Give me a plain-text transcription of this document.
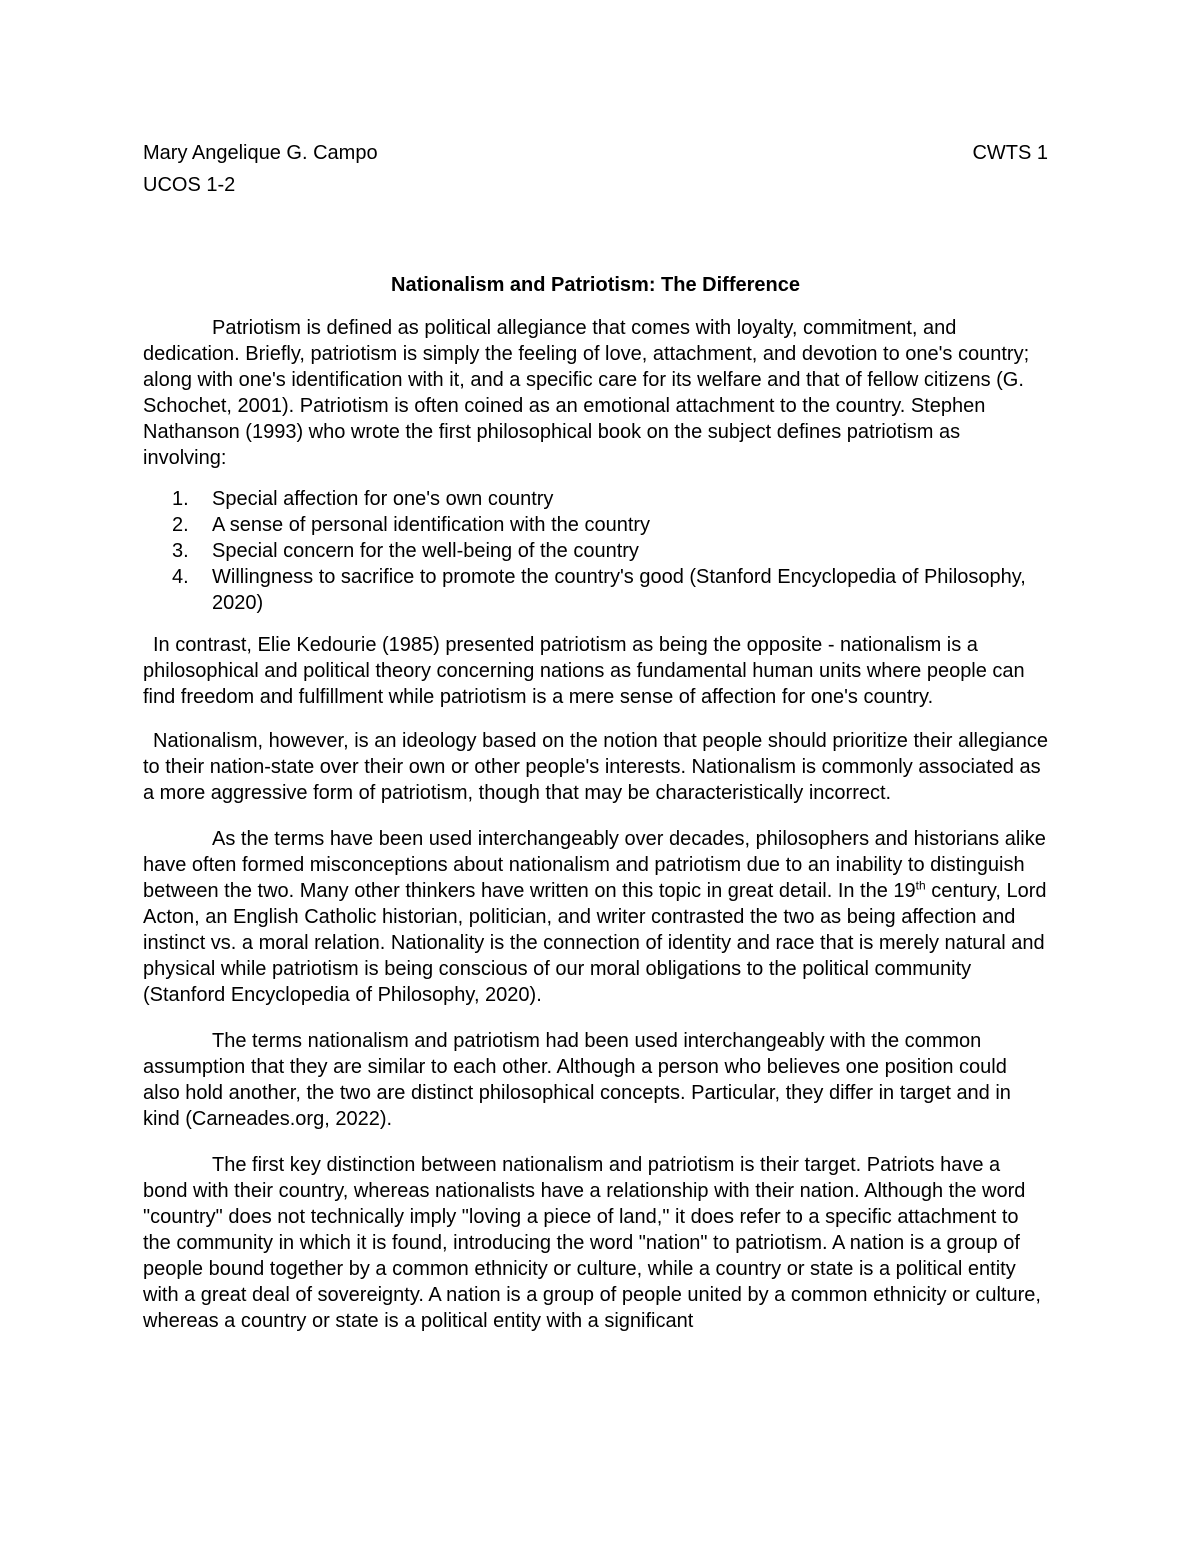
Mary Angelique G. Campo	CWTS 1
UCOS 1-2
Nationalism and Patriotism: The Difference

Patriotism is defined as political allegiance that comes with loyalty, commitment, and dedication. Briefly, patriotism is simply the feeling of love, attachment, and devotion to one's country; along with one's identification with it, and a specific care for its welfare and that of fellow citizens (G. Schochet, 2001). Patriotism is often coined as an emotional attachment to the country. Stephen Nathanson (1993) who wrote the first philosophical book on the subject defines patriotism as involving:

1. Special affection for one's own country
2. A sense of personal identification with the country
3. Special concern for the well-being of the country
4. Willingness to sacrifice to promote the country's good (Stanford Encyclopedia of Philosophy, 2020)

In contrast, Elie Kedourie (1985) presented patriotism as being the opposite - nationalism is a philosophical and political theory concerning nations as fundamental human units where people can find freedom and fulfillment while patriotism is a mere sense of affection for one's country.

Nationalism, however, is an ideology based on the notion that people should prioritize their allegiance to their nation-state over their own or other people's interests. Nationalism is commonly associated as a more aggressive form of patriotism, though that may be characteristically incorrect.

As the terms have been used interchangeably over decades, philosophers and historians alike have often formed misconceptions about nationalism and patriotism due to an inability to distinguish between the two. Many other thinkers have written on this topic in great detail. In the 19th century, Lord Acton, an English Catholic historian, politician, and writer contrasted the two as being affection and instinct vs. a moral relation. Nationality is the connection of identity and race that is merely natural and physical while patriotism is being conscious of our moral obligations to the political community (Stanford Encyclopedia of Philosophy, 2020).

The terms nationalism and patriotism had been used interchangeably with the common assumption that they are similar to each other. Although a person who believes one position could also hold another, the two are distinct philosophical concepts. Particular, they differ in target and in kind (Carneades.org, 2022).

The first key distinction between nationalism and patriotism is their target. Patriots have a bond with their country, whereas nationalists have a relationship with their nation. Although the word "country" does not technically imply "loving a piece of land," it does refer to a specific attachment to the community in which it is found, introducing the word "nation" to patriotism. A nation is a group of people bound together by a common ethnicity or culture, while a country or state is a political entity with a great deal of sovereignty. A nation is a group of people united by a common ethnicity or culture, whereas a country or state is a political entity with a significant
